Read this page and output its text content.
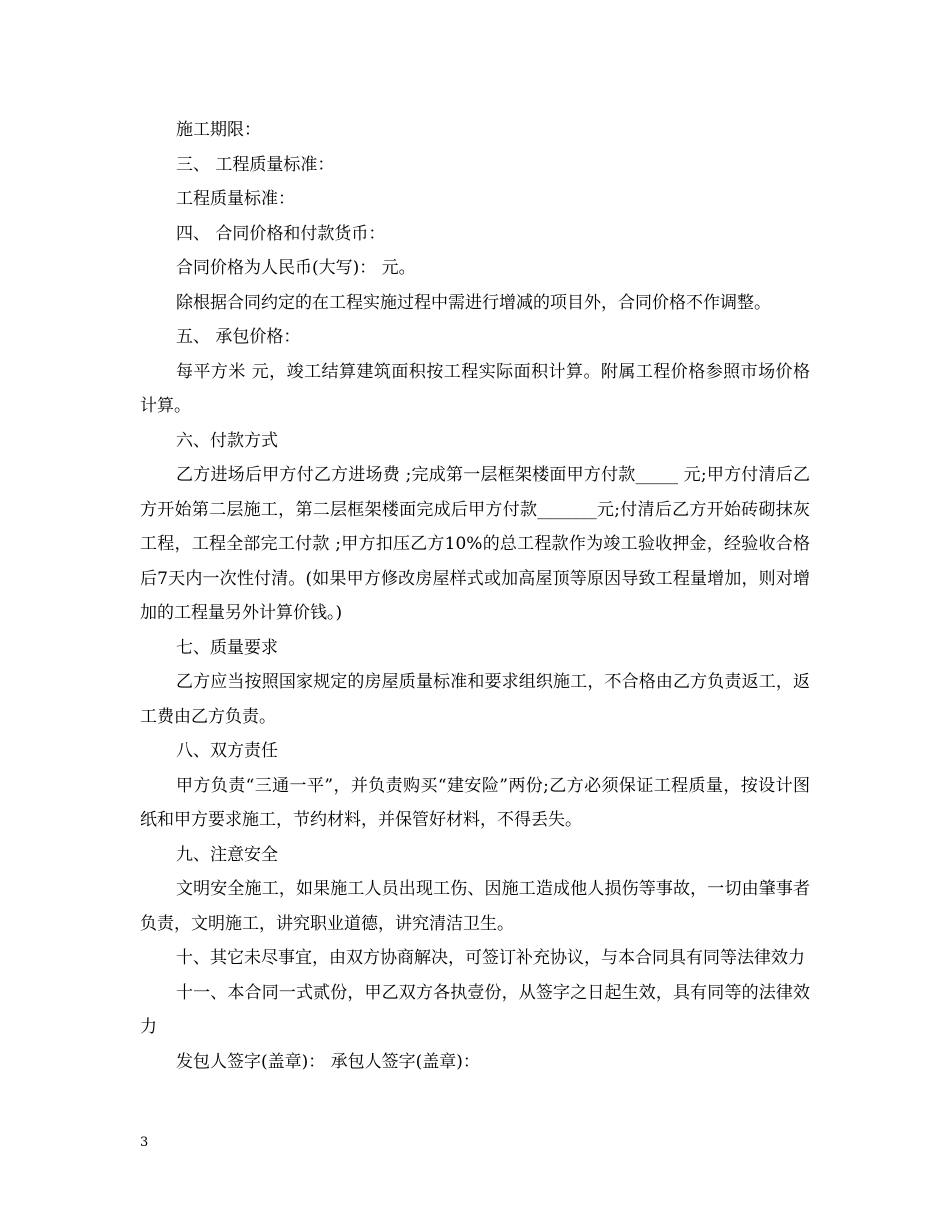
施工期限：

三、 工程质量标准：

工程质量标准：

四、 合同价格和付款货币：

合同价格为人民币(大写)： 元。

除根据合同约定的在工程实施过程中需进行增减的项目外，合同价格不作调整。

五、 承包价格：

每平方米 元，竣工结算建筑面积按工程实际面积计算。附属工程价格参照市场价格计算。

六、付款方式

乙方进场后甲方付乙方进场费 ;完成第一层框架楼面甲方付款_____ 元;甲方付清后乙方开始第二层施工，第二层框架楼面完成后甲方付款_______元;付清后乙方开始砖砌抹灰工程，工程全部完工付款 ;甲方扣压乙方10%的总工程款作为竣工验收押金，经验收合格后7天内一次性付清。(如果甲方修改房屋样式或加高屋顶等原因导致工程量增加，则对增加的工程量另外计算价钱。)

七、质量要求

乙方应当按照国家规定的房屋质量标准和要求组织施工，不合格由乙方负责返工，返工费由乙方负责。

八、双方责任

甲方负责“三通一平”，并负责购买“建安险”两份;乙方必须保证工程质量，按设计图纸和甲方要求施工，节约材料，并保管好材料，不得丢失。

九、注意安全

文明安全施工，如果施工人员出现工伤、因施工造成他人损伤等事故，一切由肇事者负责，文明施工，讲究职业道德，讲究清洁卫生。

十、其它未尽事宜，由双方协商解决，可签订补充协议，与本合同具有同等法律效力

十一、本合同一式贰份，甲乙双方各执壹份，从签字之日起生效，具有同等的法律效力

发包人签字(盖章)： 承包人签字(盖章)：

3
